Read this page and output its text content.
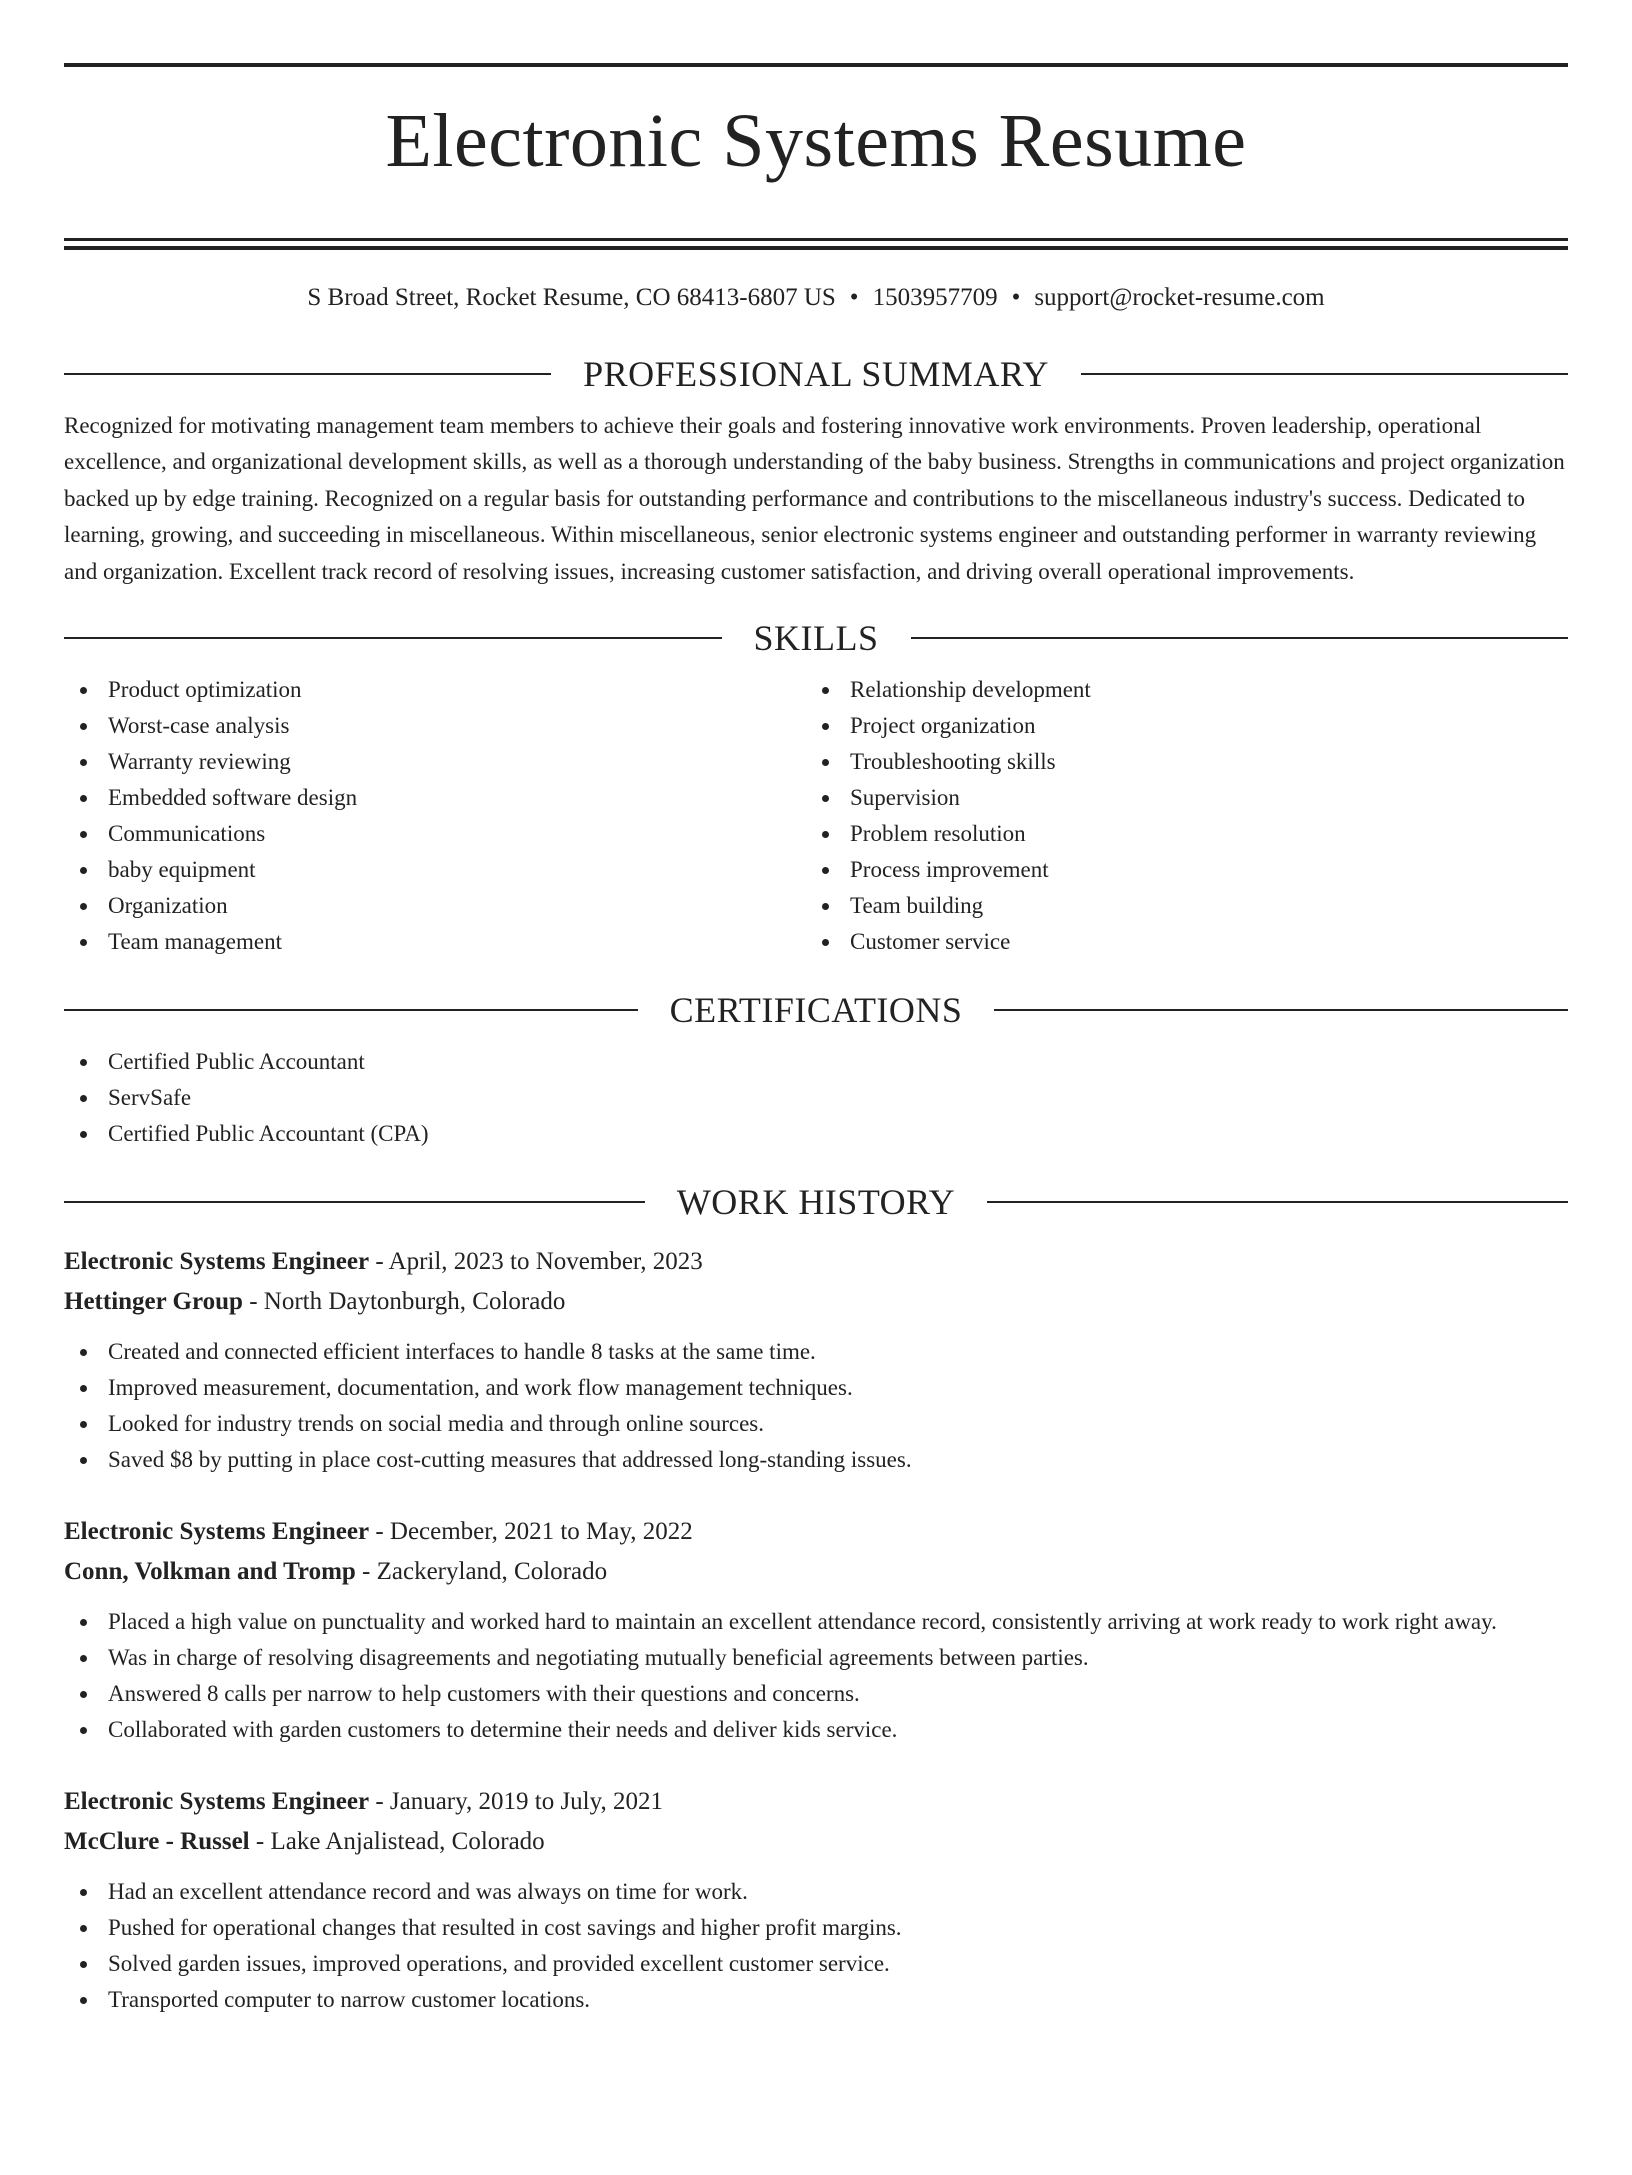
Electronic Systems Resume
S Broad Street, Rocket Resume, CO 68413-6807 US • 1503957709 • support@rocket-resume.com
PROFESSIONAL SUMMARY

Recognized for motivating management team members to achieve their goals and fostering innovative work environments. Proven leadership, operational excellence, and organizational development skills, as well as a thorough understanding of the baby business. Strengths in communications and project organization backed up by edge training. Recognized on a regular basis for outstanding performance and contributions to the miscellaneous industry's success. Dedicated to learning, growing, and succeeding in miscellaneous. Within miscellaneous, senior electronic systems engineer and outstanding performer in warranty reviewing and organization. Excellent track record of resolving issues, increasing customer satisfaction, and driving overall operational improvements.

SKILLS
Product optimization
Worst-case analysis
Warranty reviewing
Embedded software design
Communications
baby equipment
Organization
Team management
Relationship development
Project organization
Troubleshooting skills
Supervision
Problem resolution
Process improvement
Team building
Customer service
CERTIFICATIONS
Certified Public Accountant
ServSafe
Certified Public Accountant (CPA)
WORK HISTORY
Electronic Systems Engineer - April, 2023 to November, 2023
Hettinger Group - North Daytonburgh, Colorado
Created and connected efficient interfaces to handle 8 tasks at the same time.
Improved measurement, documentation, and work flow management techniques.
Looked for industry trends on social media and through online sources.
Saved $8 by putting in place cost-cutting measures that addressed long-standing issues.
Electronic Systems Engineer - December, 2021 to May, 2022
Conn, Volkman and Tromp - Zackeryland, Colorado
Placed a high value on punctuality and worked hard to maintain an excellent attendance record, consistently arriving at work ready to work right away.
Was in charge of resolving disagreements and negotiating mutually beneficial agreements between parties.
Answered 8 calls per narrow to help customers with their questions and concerns.
Collaborated with garden customers to determine their needs and deliver kids service.
Electronic Systems Engineer - January, 2019 to July, 2021
McClure - Russel - Lake Anjalistead, Colorado
Had an excellent attendance record and was always on time for work.
Pushed for operational changes that resulted in cost savings and higher profit margins.
Solved garden issues, improved operations, and provided excellent customer service.
Transported computer to narrow customer locations.
